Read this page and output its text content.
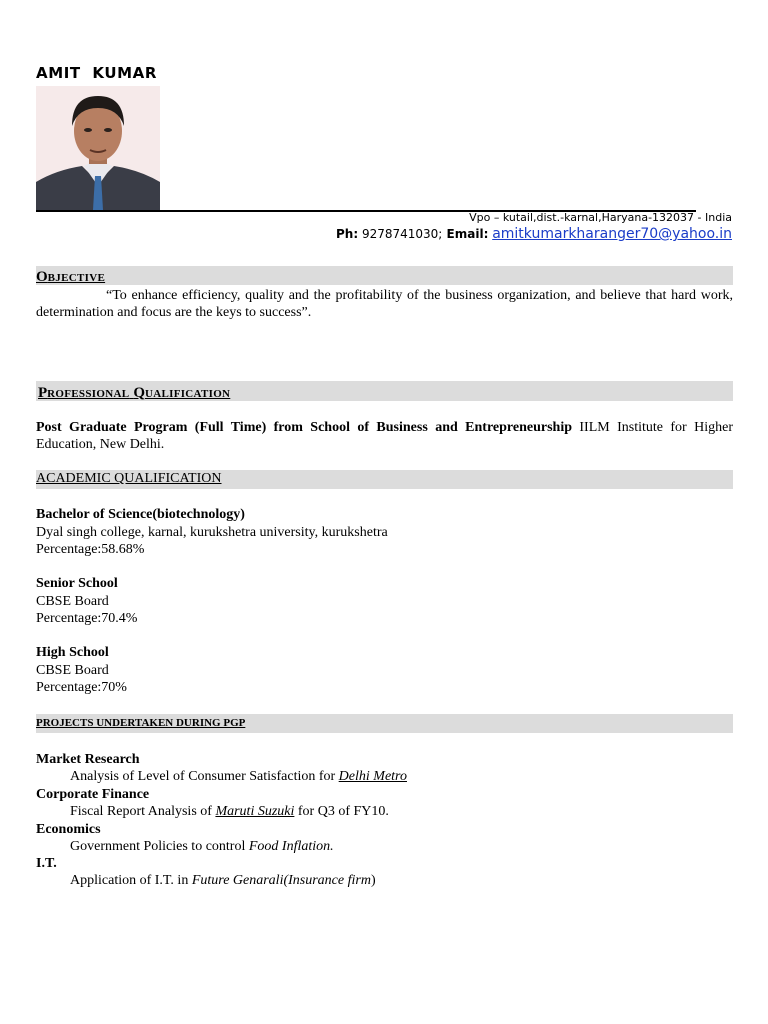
AMIT  KUMAR
Vpo – kutail,dist.-karnal,Haryana-132037 - India
Ph: 9278741030; Email: amitkumarkharanger70@yahoo.in
OBJECTIVE
“To enhance efficiency, quality and the profitability of the business organization, and believe that hard work, determination and focus are the keys to success”.
PROFESSIONAL QUALIFICATION
Post Graduate Program (Full Time) from School of Business and Entrepreneurship IILM Institute for Higher Education, New Delhi.
ACADEMIC QUALIFICATION
Bachelor of Science(biotechnology)
Dyal singh college, karnal, kurukshetra university, kurukshetra
Percentage:58.68%
Senior School
CBSE Board
Percentage:70.4%
High School
CBSE Board
Percentage:70%
PROJECTS UNDERTAKEN DURING PGP
Market Research
Analysis of Level of Consumer Satisfaction for Delhi Metro
Corporate Finance
Fiscal Report Analysis of Maruti Suzuki for Q3 of FY10.
Economics
Government Policies to control Food Inflation.
I.T.
Application of I.T. in Future Genarali(Insurance firm)
